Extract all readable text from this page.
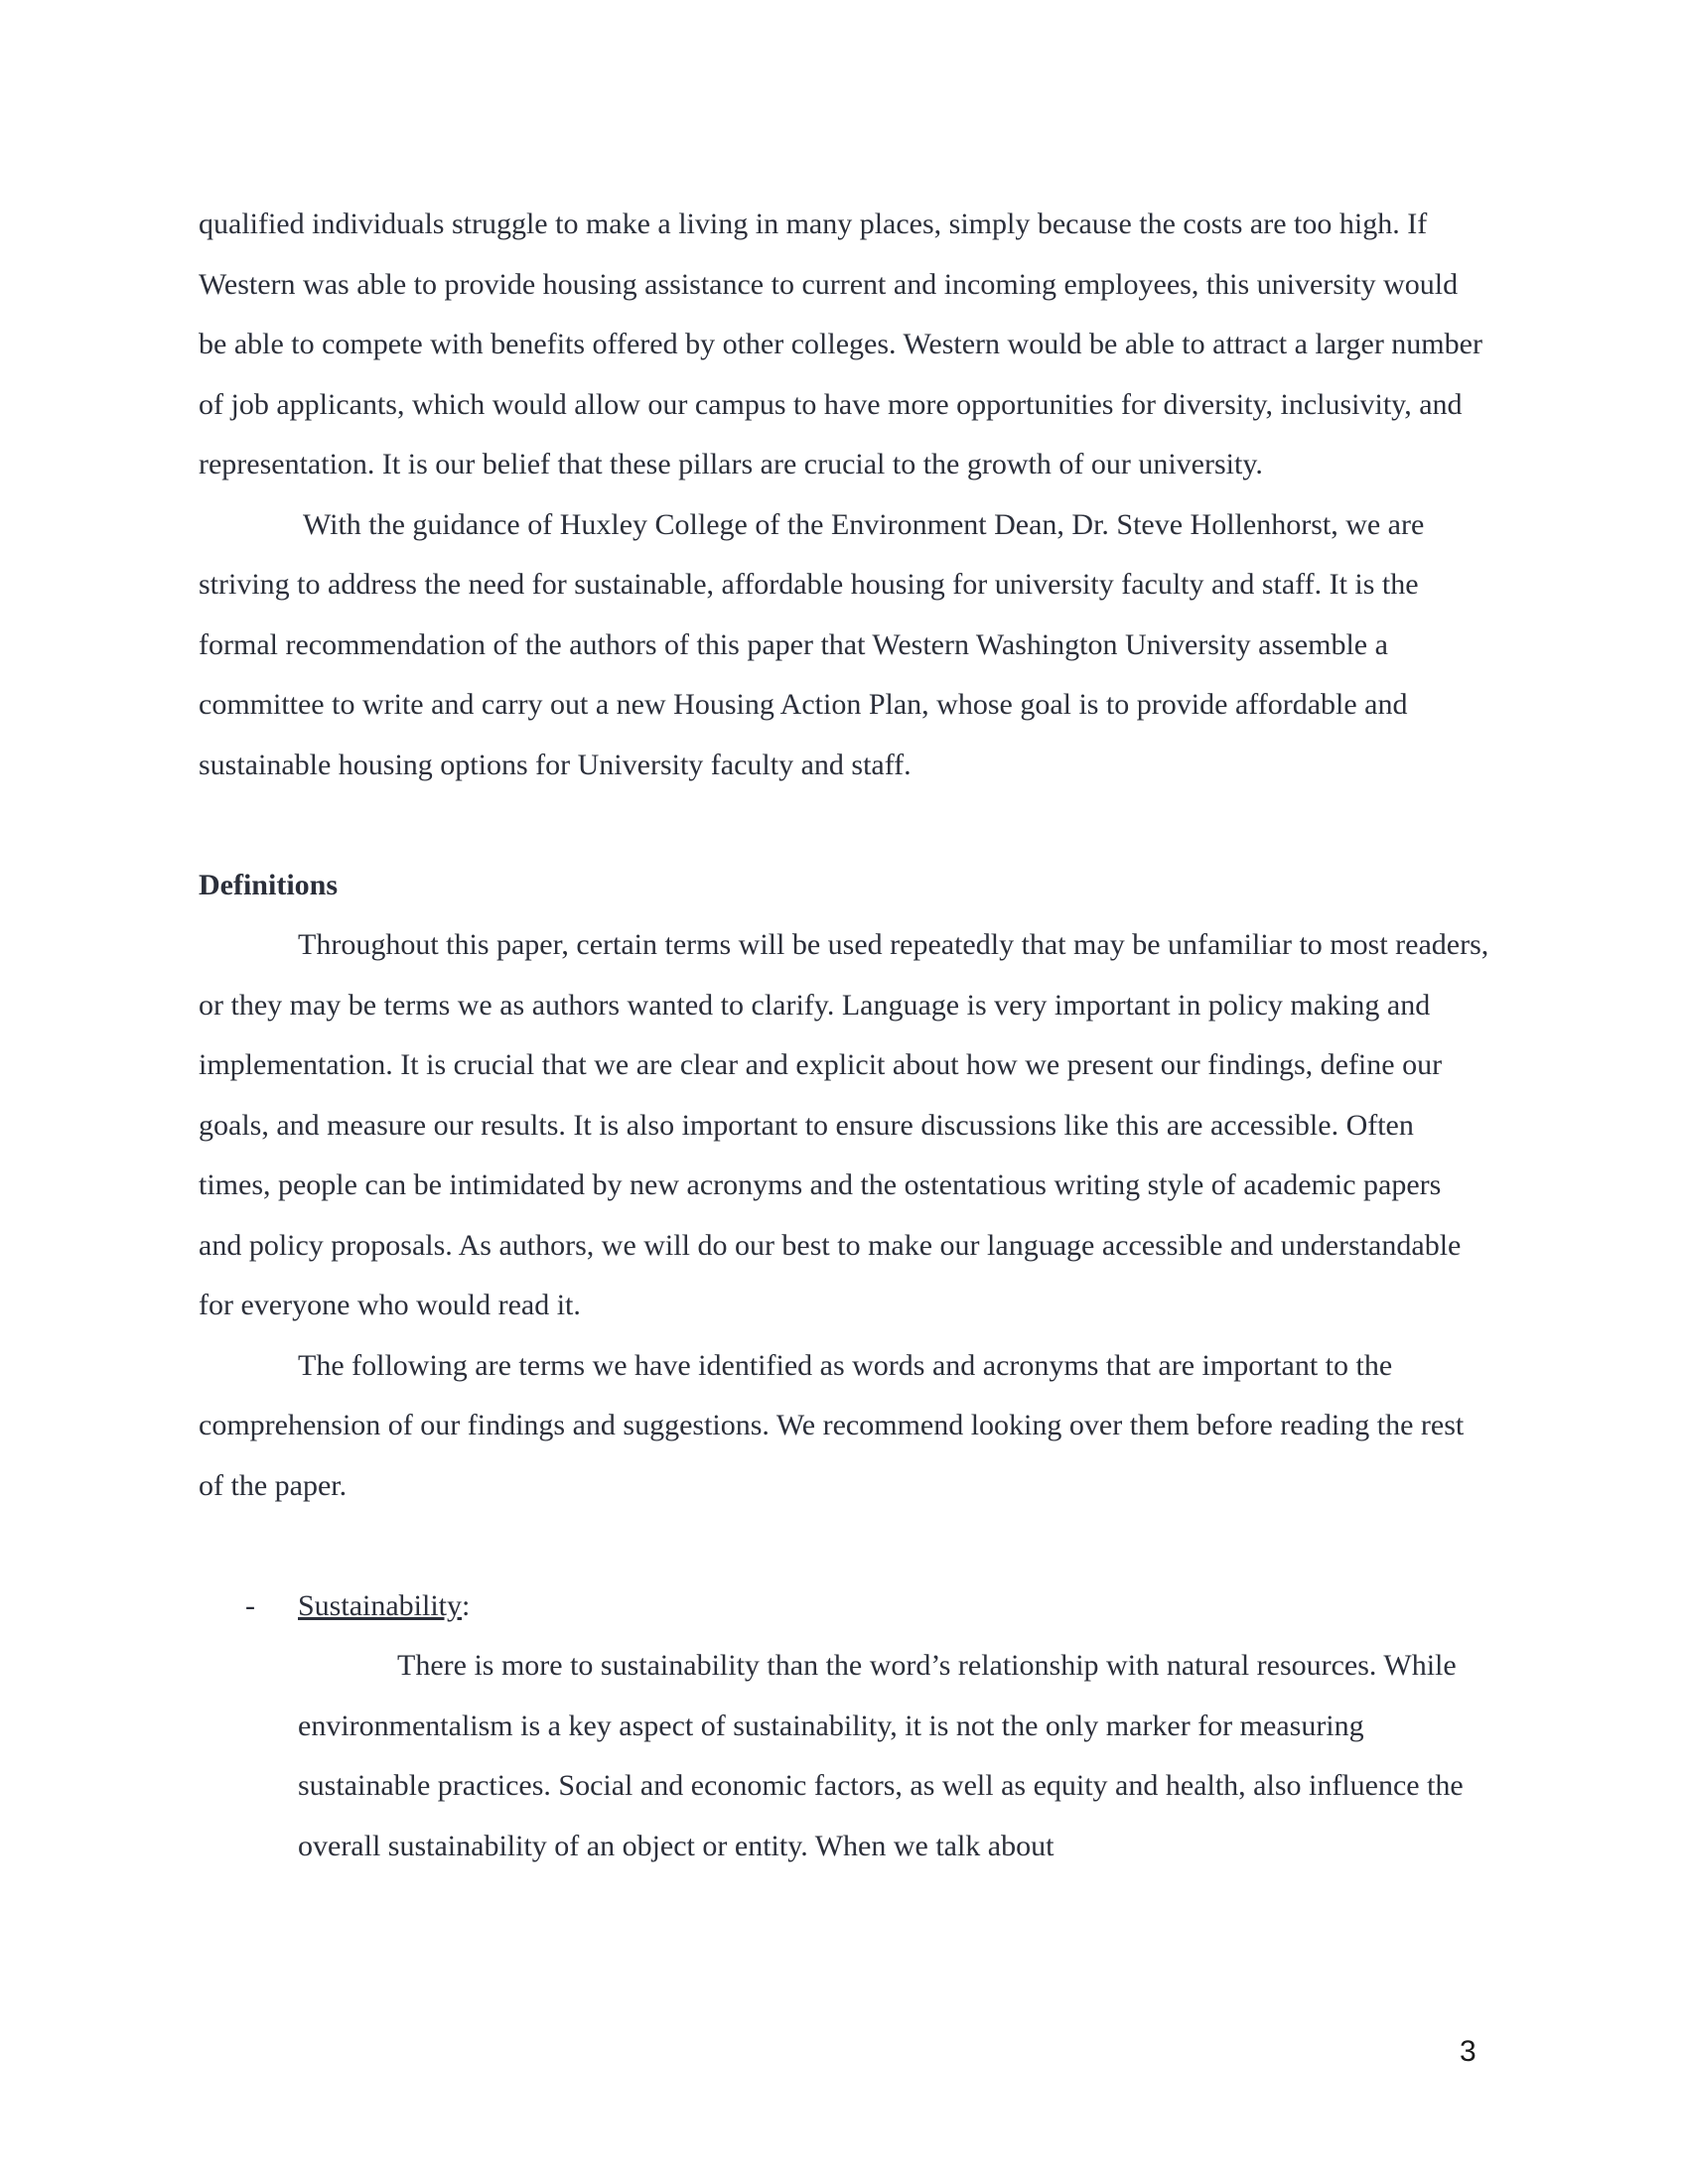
qualified individuals struggle to make a living in many places, simply because the costs are too high. If Western was able to provide housing assistance to current and incoming employees, this university would be able to compete with benefits offered by other colleges. Western would be able to attract a larger number of job applicants, which would allow our campus to have more opportunities for diversity, inclusivity, and representation. It is our belief that these pillars are crucial to the growth of our university.

With the guidance of Huxley College of the Environment Dean, Dr. Steve Hollenhorst, we are striving to address the need for sustainable, affordable housing for university faculty and staff. It is the formal recommendation of the authors of this paper that Western Washington University assemble a committee to write and carry out a new Housing Action Plan, whose goal is to provide affordable and sustainable housing options for University faculty and staff.

Definitions

Throughout this paper, certain terms will be used repeatedly that may be unfamiliar to most readers, or they may be terms we as authors wanted to clarify. Language is very important in policy making and implementation. It is crucial that we are clear and explicit about how we present our findings, define our goals, and measure our results. It is also important to ensure discussions like this are accessible. Often times, people can be intimidated by new acronyms and the ostentatious writing style of academic papers and policy proposals. As authors, we will do our best to make our language accessible and understandable for everyone who would read it.

The following are terms we have identified as words and acronyms that are important to the comprehension of our findings and suggestions. We recommend looking over them before reading the rest of the paper.

- Sustainability:

There is more to sustainability than the word’s relationship with natural resources. While environmentalism is a key aspect of sustainability, it is not the only marker for measuring sustainable practices. Social and economic factors, as well as equity and health, also influence the overall sustainability of an object or entity. When we talk about

3
